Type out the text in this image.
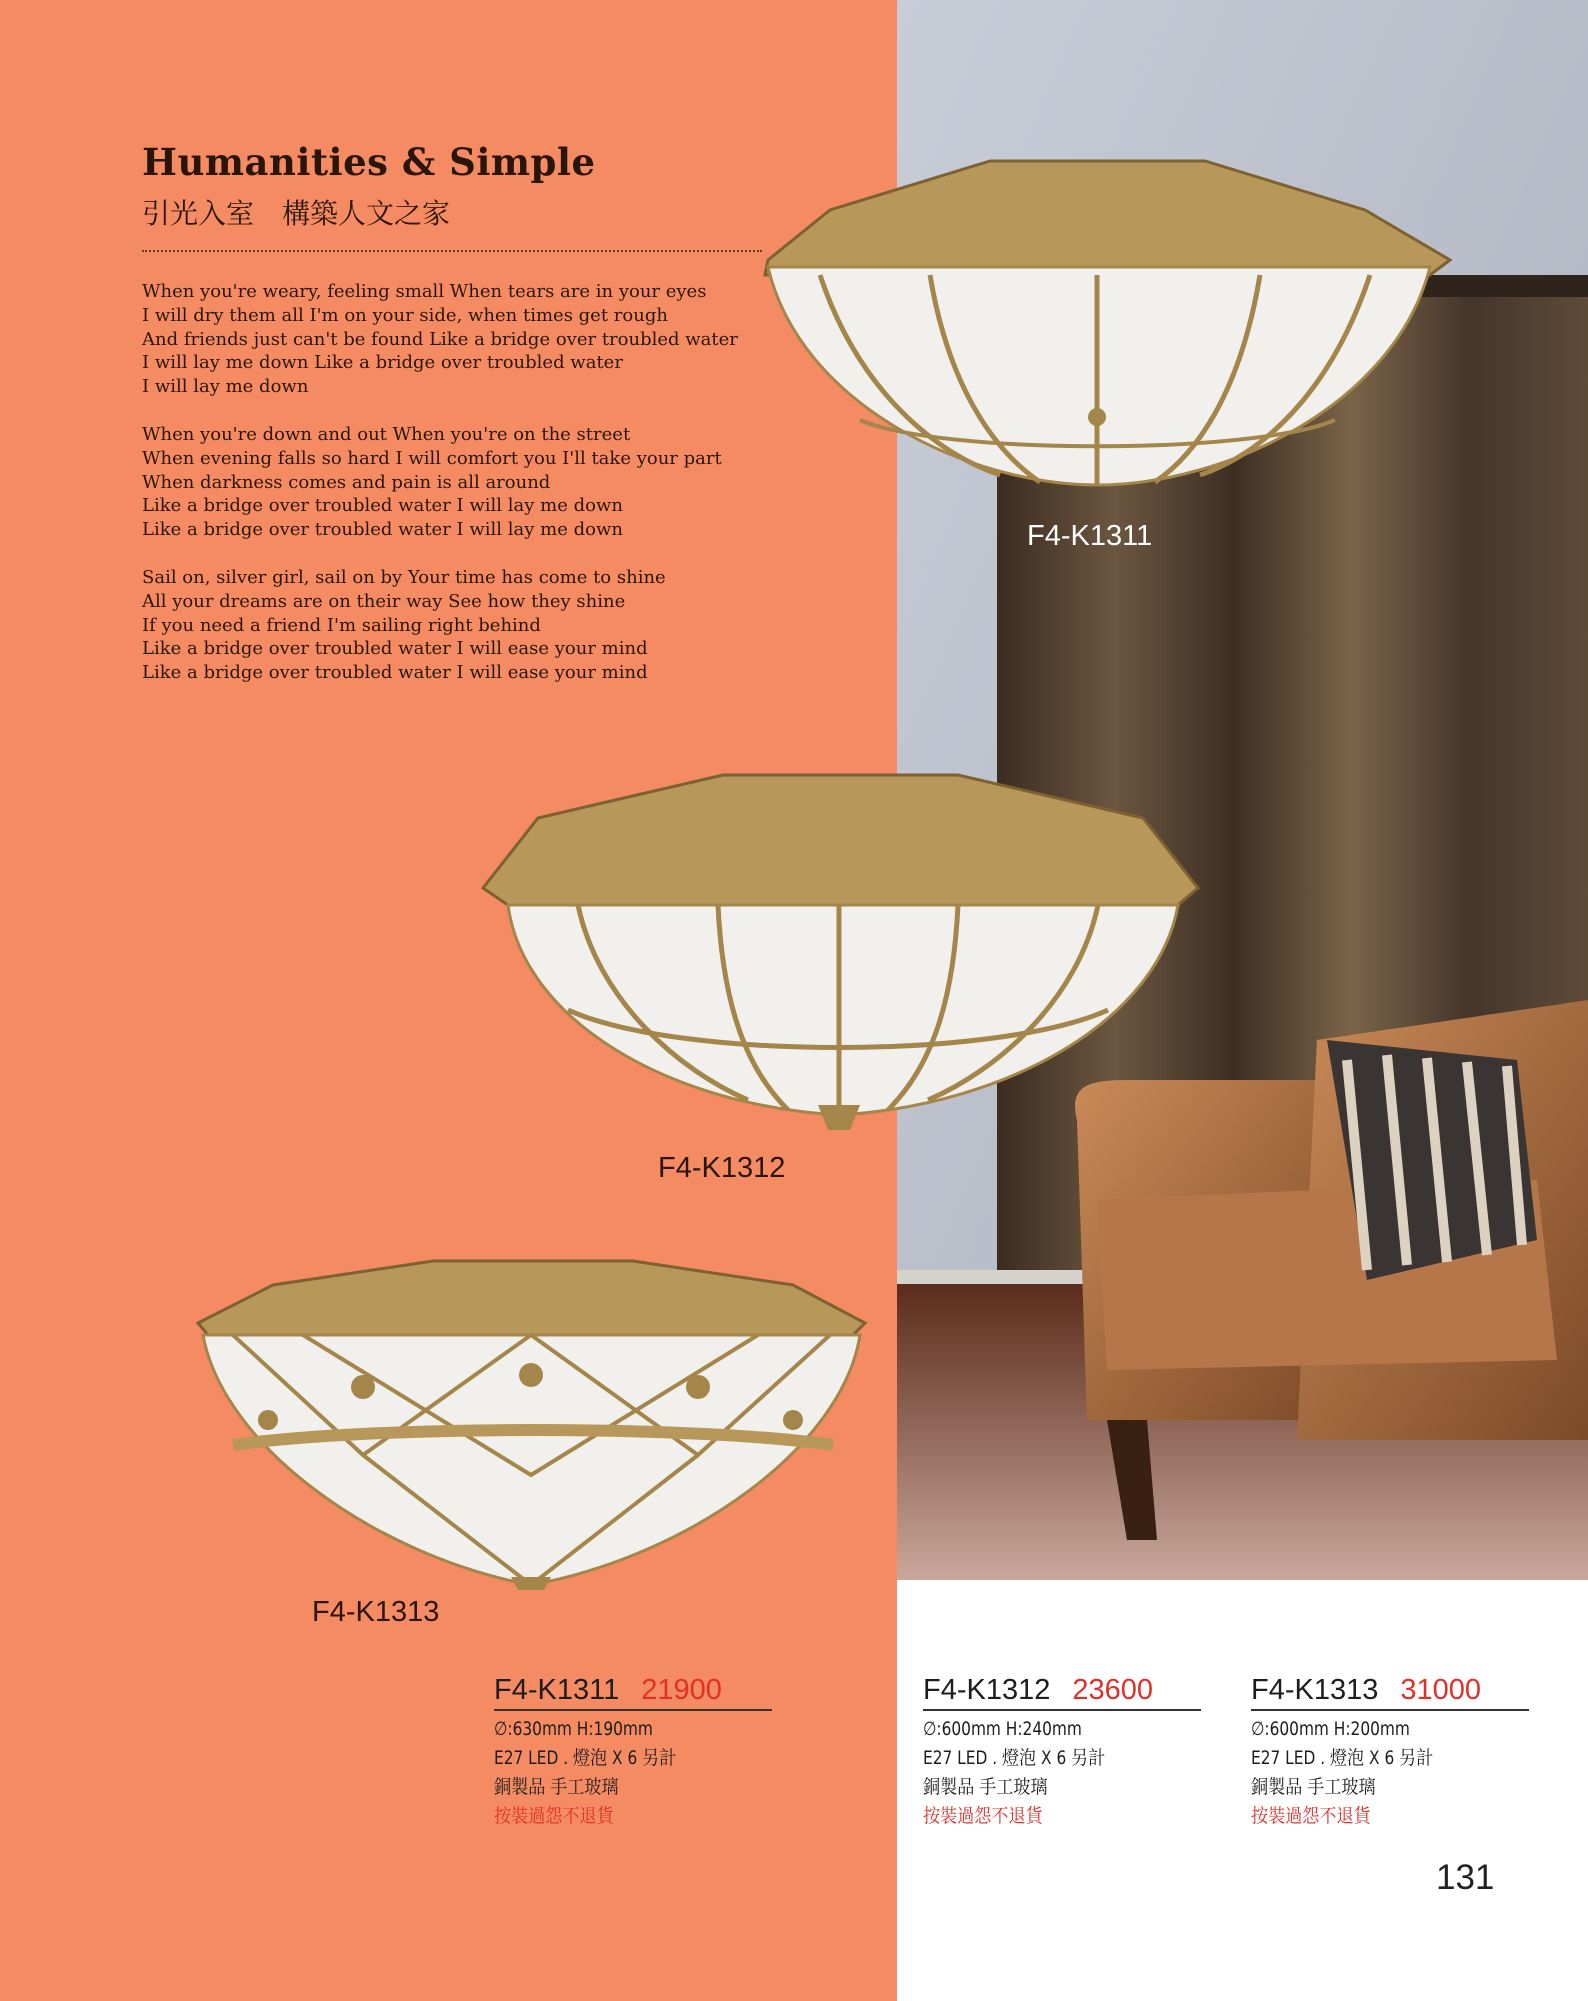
Humanities & Simple
引光入室　構築人文之家
When you're weary, feeling small When tears are in your eyes
I will dry them all I'm on your side, when times get rough
And friends just can't be found Like a bridge over troubled water
I will lay me down Like a bridge over troubled water
I will lay me down
When you're down and out When you're on the street
When evening falls so hard I will comfort you I'll take your part
When darkness comes and pain is all around
Like a bridge over troubled water I will lay me down
Like a bridge over troubled water I will lay me down
Sail on, silver girl, sail on by Your time has come to shine
All your dreams are on their way See how they shine
If you need a friend I'm sailing right behind
Like a bridge over troubled water I will ease your mind
Like a bridge over troubled water I will ease your mind
F4-K1311
F4-K1312
F4-K1313
F4-K1311 21900
∅:630mm H:190mm
E27 LED . 燈泡 X 6 另計
銅製品 手工玻璃
按裝過怨不退貨
F4-K1312 23600
∅:600mm H:240mm
E27 LED . 燈泡 X 6 另計
銅製品 手工玻璃
按裝過怨不退貨
F4-K1313 31000
∅:600mm H:200mm
E27 LED . 燈泡 X 6 另計
銅製品 手工玻璃
按裝過怨不退貨
131
